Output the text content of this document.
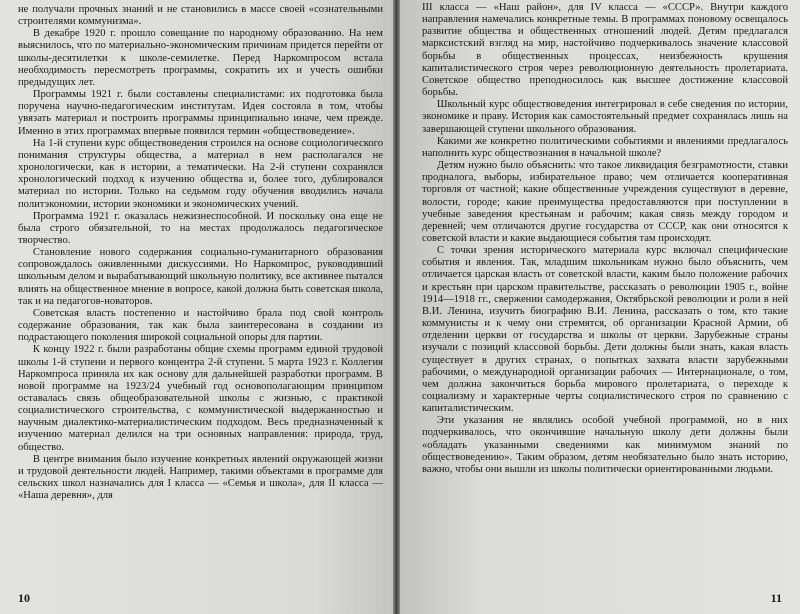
не получали прочных знаний и не становились в массе своей «сознательными строителями коммунизма».

В декабре 1920 г. прошло совещание по народному образованию. На нем выяснилось, что по материально-экономическим причинам придется перейти от школы-десятилетки к школе-семилетке. Перед Наркомпросом встала необходимость пересмотреть программы, сократить их и учесть ошибки предыдущих лет.

Программы 1921 г. были составлены специалистами: их подготовка была поручена научно-педагогическим институтам. Идея состояла в том, чтобы увязать материал и построить программы принципиально иначе, чем прежде. Именно в этих программах впервые появился термин «обществоведение».

На 1-й ступени курс обществоведения строился на основе социологического понимания структуры общества, а материал в нем располагался не хронологически, как в истории, а тематически. На 2-й ступени сохранялся хронологический подход к изучению общества и, более того, дублировался материал по истории. Только на седьмом году обучения вводились начала политэкономии, истории экономики и экономических учений.

Программа 1921 г. оказалась нежизнеспособной. И поскольку она еще не была строго обязательной, то на местах продолжалось педагогическое творчество.

Становление нового содержания социально-гуманитарного образования сопровождалось оживленными дискуссиями. Но Наркомпрос, руководивший школьным делом и вырабатывающий школьную политику, все активнее пытался влиять на общественное мнение в вопросе, какой должна быть советская школа, так и на педагогов-новаторов.

Советская власть постепенно и настойчиво брала под свой контроль содержание образования, так как была заинтересована в создании из подрастающего поколения широкой социальной опоры для партии.

К концу 1922 г. были разработаны общие схемы программ единой трудовой школы 1-й ступени и первого концентра 2-й ступени. 5 марта 1923 г. Коллегия Наркомпроса приняла их как основу для дальнейшей разработки программ. В новой программе на 1923/24 учебный год основополагающим принципом оставалась связь общеобразовательной школы с жизнью, с практикой социалистического строительства, с коммунистической выдержанностью и научным диалектико-материалистическим подходом. Весь предназначенный к изучению материал делился на три основных направления: природа, труд, общество.

В центре внимания было изучение конкретных явлений окружающей жизни и трудовой деятельности людей. Например, такими объектами в программе для сельских школ назначались для I класса — «Семья и школа», для II класса — «Наша деревня», для

10

III класса — «Наш район», для IV класса — «СССР». Внутри каждого направления намечались конкретные темы. В программах поновому освещалось развитие общества и общественных отношений людей. Детям предлагался марксистский взгляд на мир, настойчиво подчеркивалось значение классовой борьбы в общественных процессах, неизбежность крушения капиталистического строя через революционную деятельность пролетариата. Советское общество преподносилось как высшее достижение классовой борьбы.

Школьный курс обществоведения интегрировал в себе сведения по истории, экономике и праву. История как самостоятельный предмет сохранялась лишь на завершающей ступени школьного образования.

Какими же конкретно политическими событиями и явлениями предлагалось наполнить курс обществознания в начальной школе?

Детям нужно было объяснить: что такое ликвидация безграмотности, ставки продналога, выборы, избирательное право; чем отличается кооперативная торговля от частной; какие общественные учреждения существуют в деревне, волости, городе; какие преимущества предоставляются при поступлении в учебные заведения крестьянам и рабочим; какая связь между городом и деревней; чем отличаются другие государства от СССР, как они относятся к советской власти и какие выдающиеся события там происходят.

С точки зрения исторического материала курс включал специфические события и явления. Так, младшим школьникам нужно было объяснить, чем отличается царская власть от советской власти, каким было положение рабочих и крестьян при царском правительстве, рассказать о революции 1905 г., войне 1914—1918 гг., свержении самодержавия, Октябрьской революции и роли в ней В.И. Ленина, изучить биографию В.И. Ленина, рассказать о том, кто такие коммунисты и к чему они стремятся, об организации Красной Армии, об отделении церкви от государства и школы от церкви. Зарубежные страны изучали с позиций классовой борьбы. Дети должны были знать, какая власть существует в других странах, о попытках захвата власти зарубежными рабочими, о международной организации рабочих — Интернационале, о том, чем должна закончиться борьба мирового пролетариата, о переходе к социализму и характерные черты социалистического строя по сравнению с капиталистическим.

Эти указания не являлись особой учебной программой, но в них подчеркивалось, что окончившие начальную школу дети должны были «обладать указанными сведениями как минимумом знаний по обществоведению». Таким образом, детям необязательно было знать историю, важно, чтобы они вышли из школы политически ориентированными людьми.

11
